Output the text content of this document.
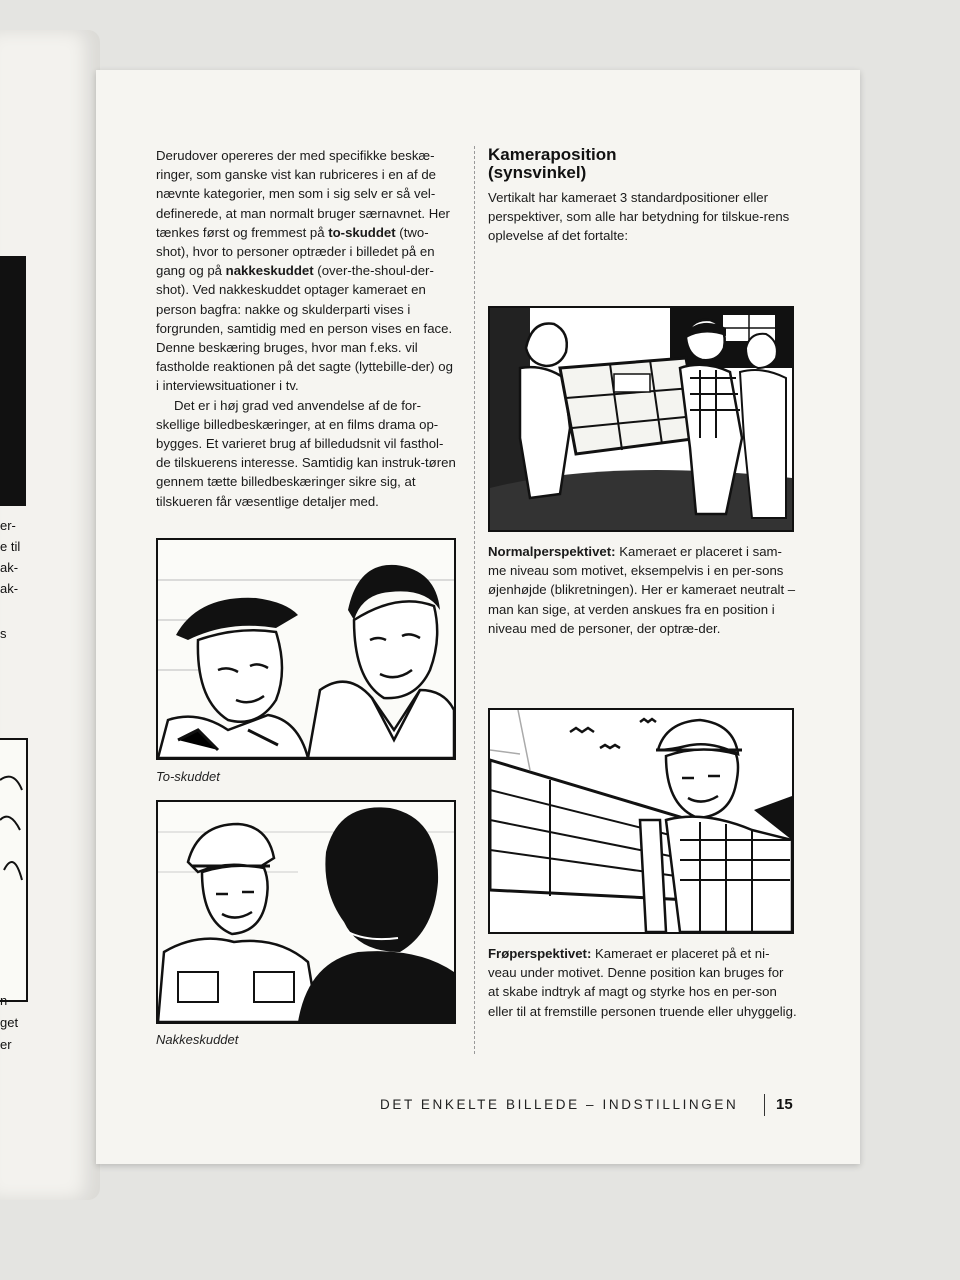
er-
e til
ak-
ak-
s
n –
get
er

Derudover opereres der med specifikke beskæ-ringer, som ganske vist kan rubriceres i en af de nævnte kategorier, men som i sig selv er så vel-definerede, at man normalt bruger særnavnet. Her tænkes først og fremmest på to-skuddet (two-shot), hvor to personer optræder i billedet på en gang og på nakkeskuddet (over-the-shoul-der-shot). Ved nakkeskuddet optager kameraet en person bagfra: nakke og skulderparti vises i forgrunden, samtidig med en person vises en face. Denne beskæring bruges, hvor man f.eks. vil fastholde reaktionen på det sagte (lyttebille-der) og i interviewsituationer i tv.

Det er i høj grad ved anvendelse af de for-skellige billedbeskæringer, at en films drama op-bygges. Et varieret brug af billedudsnit vil fasthol-de tilskuerens interesse. Samtidig kan instruk-tøren gennem tætte billedbeskæringer sikre sig, at tilskueren får væsentlige detaljer med.

To-skuddet
Nakkeskuddet
Kameraposition
(synsvinkel)
Vertikalt har kameraet 3 standardpositioner eller perspektiver, som alle har betydning for tilskue-rens oplevelse af det fortalte:
Normalperspektivet: Kameraet er placeret i sam-me niveau som motivet, eksempelvis i en per-sons øjenhøjde (blikretningen). Her er kameraet neutralt – man kan sige, at verden anskues fra en position i niveau med de personer, der optræ-der.
Frøperspektivet: Kameraet er placeret på et ni-veau under motivet. Denne position kan bruges for at skabe indtryk af magt og styrke hos en per-son eller til at fremstille personen truende eller uhyggelig.
DET ENKELTE BILLEDE – INDSTILLINGEN	15
